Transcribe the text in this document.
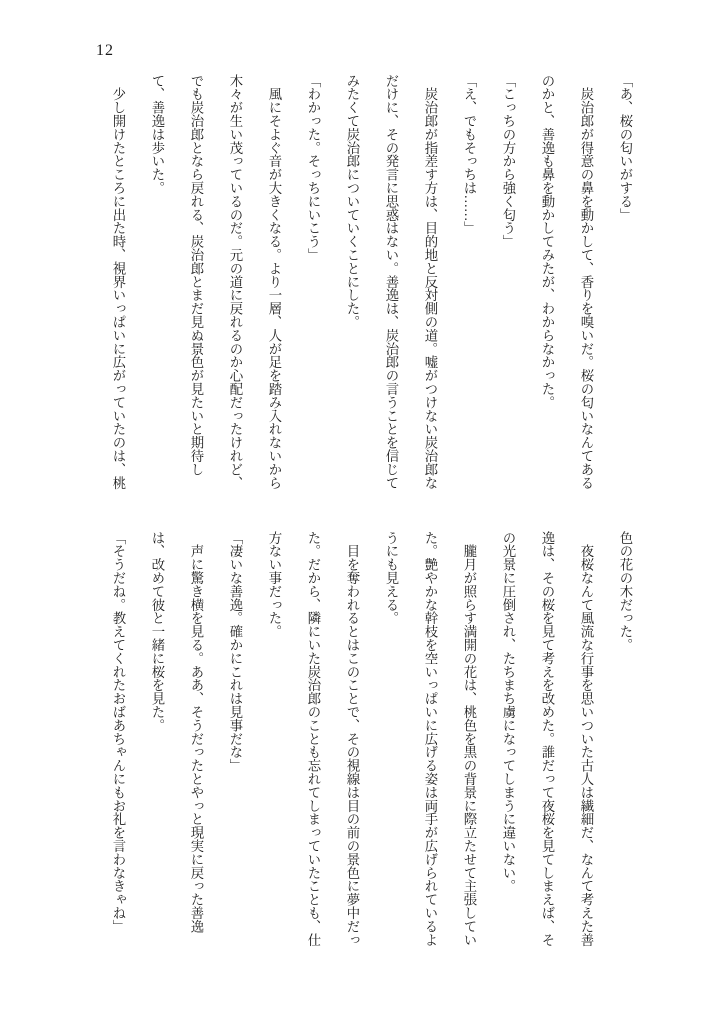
12

「あ、桜の匂いがする」

　炭治郎が得意の鼻を動かして、香りを嗅いだ。桜の匂いなんてあるのかと、善逸も鼻を動かしてみたが、わからなかった。

「こっちの方から強く匂う」

「え、でもそっちは……」

　炭治郎が指差す方は、目的地と反対側の道。嘘がつけない炭治郎なだけに、その発言に思惑はない。善逸は、炭治郎の言うことを信じてみたくて炭治郎についていくことにした。

「わかった。そっちにいこう」

　風にそよぐ音が大きくなる。より一層、人が足を踏み入れないから木々が生い茂っているのだ。元の道に戻れるのか心配だったけれど、でも炭治郎となら戻れる、炭治郎とまだ見ぬ景色が見たいと期待して、善逸は歩いた。

　少し開けたところに出た時、視界いっぱいに広がっていたのは、桃

色の花の木だった。

　夜桜なんて風流な行事を思いついた古人は繊細だ、なんて考えた善逸は、その桜を見て考えを改めた。誰だって夜桜を見てしまえば、その光景に圧倒され、たちまち虜になってしまうに違いない。

　朧月が照らす満開の花は、桃色を黒の背景に際立たせて主張していた。艶やかな幹枝を空いっぱいに広げる姿は両手が広げられているようにも見える。

　目を奪われるとはこのことで、その視線は目の前の景色に夢中だった。だから、隣にいた炭治郎のことも忘れてしまっていたことも、仕方ない事だった。

「凄いな善逸。確かにこれは見事だな」

　声に驚き横を見る。ああ、そうだったとやっと現実に戻った善逸は、改めて彼と一緒に桜を見た。

「そうだね。教えてくれたおばあちゃんにもお礼を言わなきゃね」
